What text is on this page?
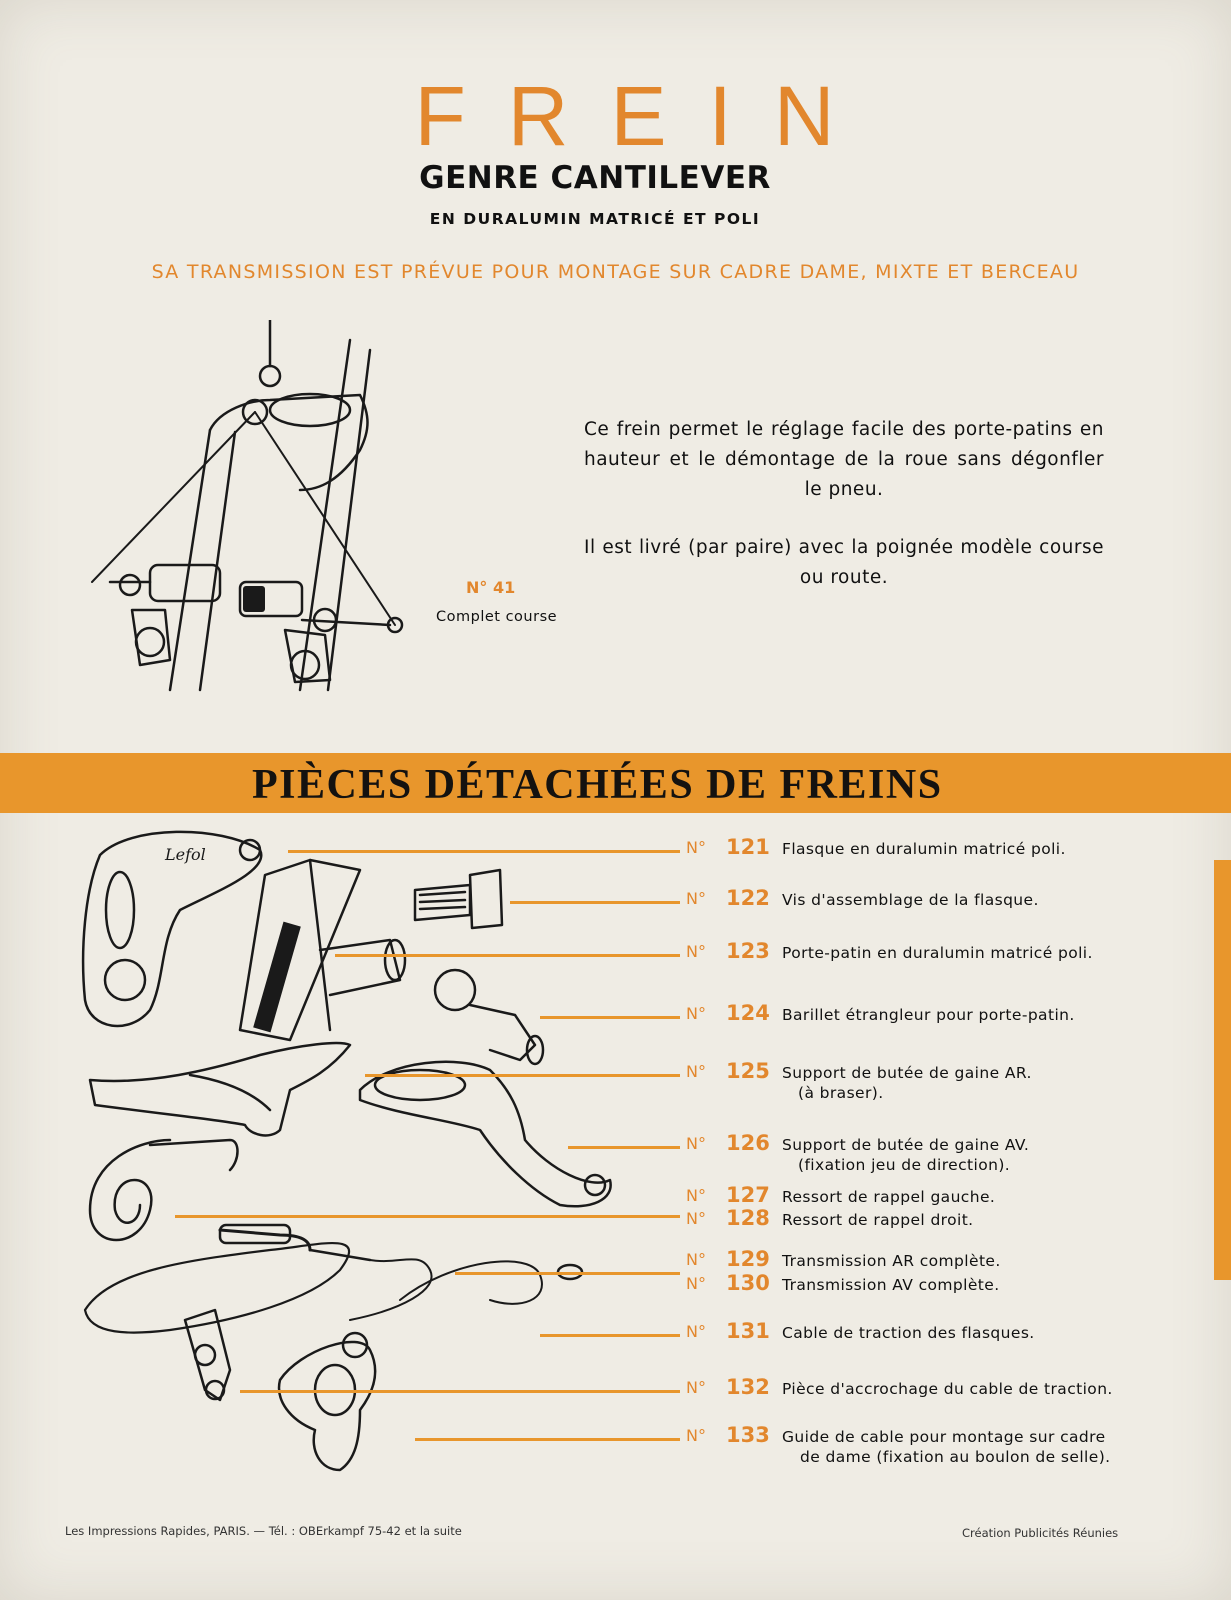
FREIN
GENRE CANTILEVER
EN DURALUMIN MATRICÉ ET POLI
SA TRANSMISSION EST PRÉVUE POUR MONTAGE SUR CADRE DAME, MIXTE ET BERCEAU
N° 41
Complet course
Ce frein permet le réglage facile des porte-patins en hauteur et le démontage de la roue sans dégonfler le pneu.
Il est livré (par paire) avec la poignée modèle course ou route.
PIÈCES DÉTACHÉES DE FREINS
Lefol	N° 121 Flasque en duralumin matricé poli.
N° 122 Vis d'assemblage de la flasque.
N° 123 Porte-patin en duralumin matricé poli.
N° 124 Barillet étrangleur pour porte-patin.
N° 125 Support de butée de gaine AR.
(à braser).
N° 126 Support de butée de gaine AV.
(fixation jeu de direction).
N° 127 Ressort de rappel gauche.
N° 128 Ressort de rappel droit.
N° 129 Transmission AR complète.
N° 130 Transmission AV complète.
N° 131 Cable de traction des flasques.
N° 132 Pièce d'accrochage du cable de traction.
N° 133 Guide de cable pour montage sur cadre
de dame (fixation au boulon de selle).
Les Impressions Rapides, PARIS. — Tél. : OBErkampf 75-42 et la suite	Création Publicités Réunies
